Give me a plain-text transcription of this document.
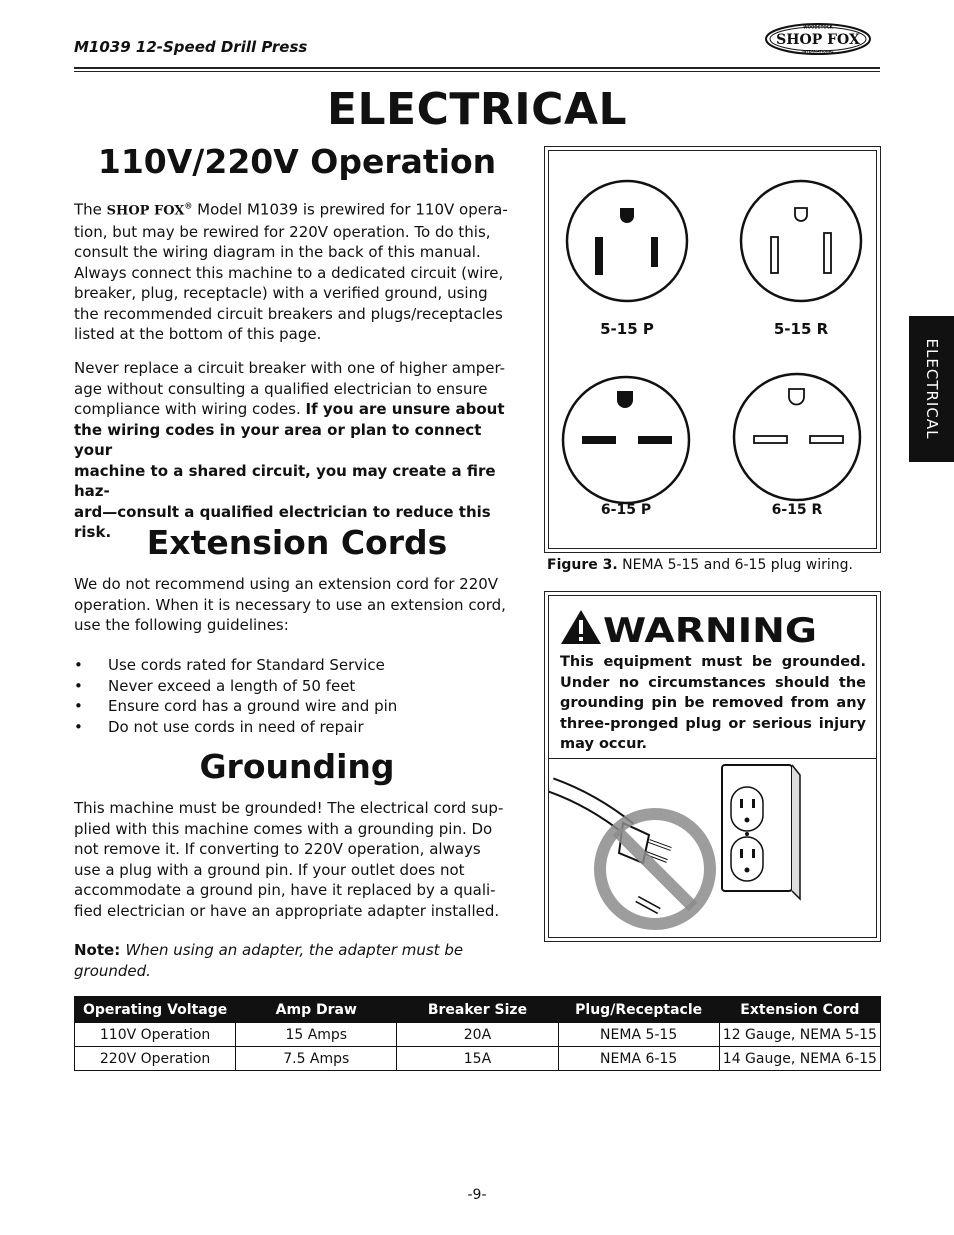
M1039 12-Speed Drill Press
WOODSTOCK
SHOP FOX
INTERNATIONAL
ELECTRICAL
ELECTRICAL
110V/220V Operation
The SHOP FOX® Model M1039 is prewired for 110V opera-
tion, but may be rewired for 220V operation. To do this,
consult the wiring diagram in the back of this manual.
Always connect this machine to a dedicated circuit (wire,
breaker, plug, receptacle) with a verified ground, using
the recommended circuit breakers and plugs/receptacles
listed at the bottom of this page.
Never replace a circuit breaker with one of higher amper-
age without consulting a qualified electrician to ensure
compliance with wiring codes. If you are unsure about
the wiring codes in your area or plan to connect your
machine to a shared circuit, you may create a fire haz-
ard—consult a qualified electrician to reduce this risk.	Extension Cords
We do not recommend using an extension cord for 220V
operation. When it is necessary to use an extension cord,
use the following guidelines:
• Use cords rated for Standard Service
• Never exceed a length of 50 feet
• Ensure cord has a ground wire and pin
• Do not use cords in need of repair
Grounding
This machine must be grounded! The electrical cord sup-
plied with this machine comes with a grounding pin. Do
not remove it. If converting to 220V operation, always
use a plug with a ground pin. If your outlet does not
accommodate a ground pin, have it replaced by a quali-
fied electrician or have an appropriate adapter installed.
Note: When using an adapter, the adapter must be
grounded.
5-15 P	5-15 R
6-15 P	6-15 R
Figure 3. NEMA 5-15 and 6-15 plug wiring.
WARNING
This equipment must be grounded. Under no circumstances should the grounding pin be removed from any three-pronged plug or serious injury may occur.
Operating Voltage	Amp Draw	Breaker Size	Plug/Receptacle	Extension Cord
110V Operation	15 Amps	20A	NEMA 5-15	12 Gauge, NEMA 5-15
220V Operation	7.5 Amps	15A	NEMA 6-15	14 Gauge, NEMA 6-15
-9-
